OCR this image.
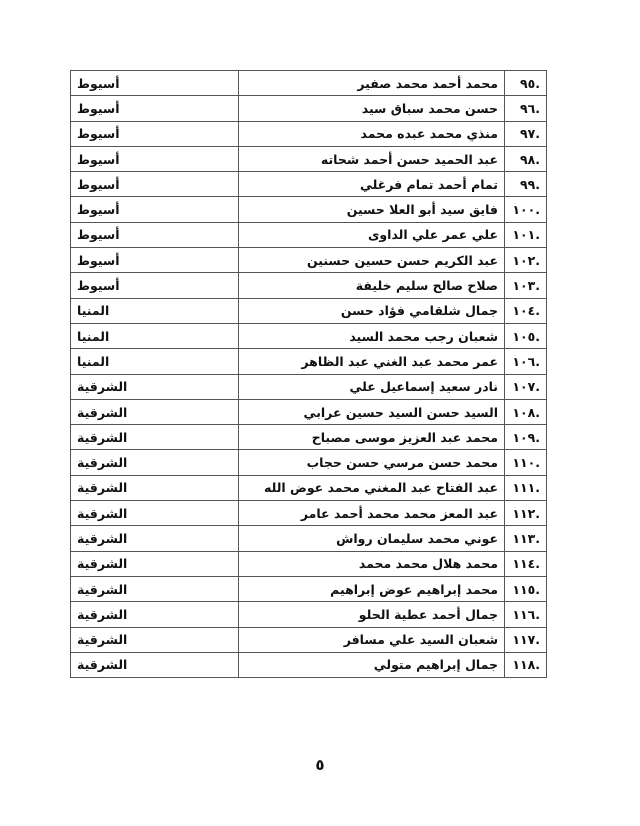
.٩٥	محمد أحمد محمد صفير	أسيوط
.٩٦	حسن محمد سباق سيد	أسيوط
.٩٧	منذي محمد عبده محمد	أسيوط
.٩٨	عبد الحميد حسن أحمد شحاته	أسيوط
.٩٩	تمام أحمد تمام فرغلي	أسيوط
.١٠٠	فايق سيد أبو العلا حسين	أسيوط
.١٠١	علي عمر علي الداوى	أسيوط
.١٠٢	عبد الكريم حسن حسين حسنين	أسيوط
.١٠٣	صلاح صالح سليم خليفة	أسيوط
.١٠٤	جمال شلقامي فؤاد حسن	المنيا
.١٠٥	شعبان رجب محمد السيد	المنيا
.١٠٦	عمر محمد عبد الغني عبد الظاهر	المنيا
.١٠٧	نادر سعيد إسماعيل علي	الشرقية
.١٠٨	السيد حسن السيد حسين عرابي	الشرقية
.١٠٩	محمد عبد العزيز موسى مصباح	الشرقية
.١١٠	محمد حسن مرسي حسن حجاب	الشرقية
.١١١	عبد الفتاح عبد المغني محمد عوض الله	الشرقية
.١١٢	عبد المعز محمد محمد أحمد عامر	الشرقية
.١١٣	عوني محمد سليمان رواش	الشرقية
.١١٤	محمد هلال محمد محمد	الشرقية
.١١٥	محمد إبراهيم عوض إبراهيم	الشرقية
.١١٦	جمال أحمد عطية الحلو	الشرقية
.١١٧	شعبان السيد علي مسافر	الشرقية
.١١٨	جمال إبراهيم متولي	الشرقية
٥
